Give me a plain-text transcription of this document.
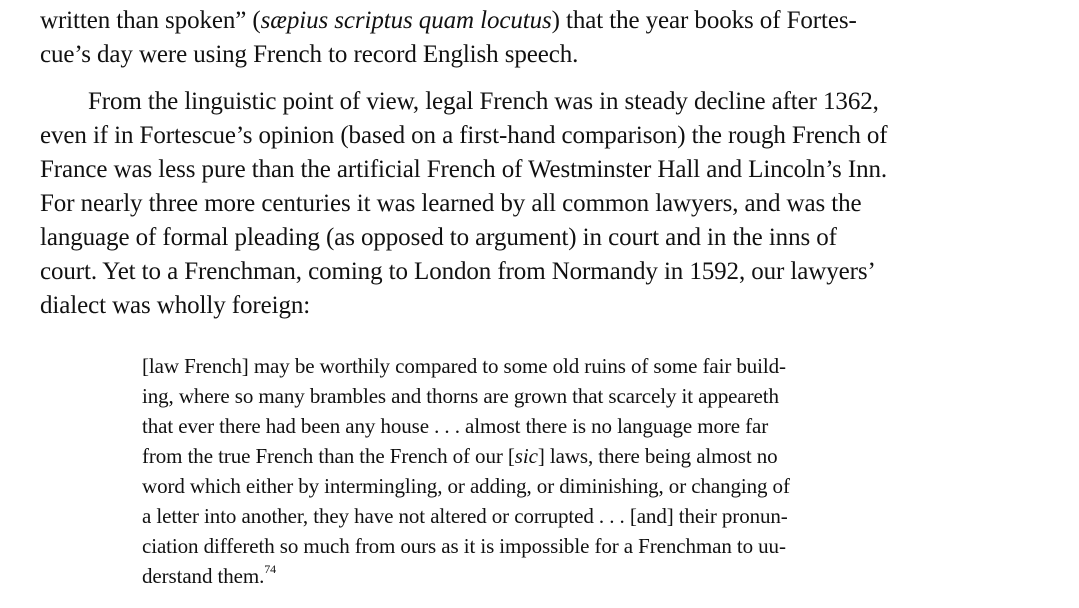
written than spoken” (sæpius scriptus quam locutus) that the year books of Fortes-

cue’s day were using French to record English speech.

From the linguistic point of view, legal French was in steady decline after 1362,

even if in Fortescue’s opinion (based on a first-hand comparison) the rough French of

France was less pure than the artificial French of Westminster Hall and Lincoln’s Inn.

For nearly three more centuries it was learned by all common lawyers, and was the

language of formal pleading (as opposed to argument) in court and in the inns of

court. Yet to a Frenchman, coming to London from Normandy in 1592, our lawyers’

dialect was wholly foreign:

[law French] may be worthily compared to some old ruins of some fair build-

ing, where so many brambles and thorns are grown that scarcely it appeareth

that ever there had been any house . . . almost there is no language more far

from the true French than the French of our [sic] laws, there being almost no

word which either by intermingling, or adding, or diminishing, or changing of

a letter into another, they have not altered or corrupted . . . [and] their pronun-

ciation differeth so much from ours as it is impossible for a Frenchman to uu-

derstand them.$^{74}$
